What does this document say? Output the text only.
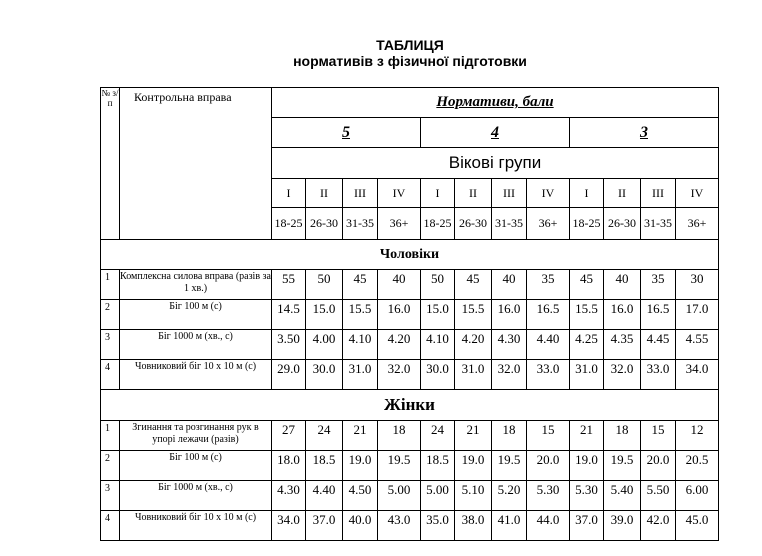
ТАБЛИЦЯ
нормативів з фізичної підготовки
№ з/п	Контрольна вправа	Нормативи, бали											
		5				4				3			
		Вікові групи											
		I	II	III	IV	I	II	III	IV	I	II	III	IV
		18-25	26-30	31-35	36+	18-25	26-30	31-35	36+	18-25	26-30	31-35	36+
Чоловіки													
1	Комплексна силова вправа (разів за 1 хв.)	55	50	45	40	50	45	40	35	45	40	35	30
2	Біг 100 м (с)	14.5	15.0	15.5	16.0	15.0	15.5	16.0	16.5	15.5	16.0	16.5	17.0
3	Біг 1000 м (хв., с)	3.50	4.00	4.10	4.20	4.10	4.20	4.30	4.40	4.25	4.35	4.45	4.55
4	Човниковий біг 10 х 10 м (с)	29.0	30.0	31.0	32.0	30.0	31.0	32.0	33.0	31.0	32.0	33.0	34.0
Жінки													
1	Згинання та розгинання рук в упорі лежачи (разів)	27	24	21	18	24	21	18	15	21	18	15	12
2	Біг 100 м (с)	18.0	18.5	19.0	19.5	18.5	19.0	19.5	20.0	19.0	19.5	20.0	20.5
3	Біг 1000 м (хв., с)	4.30	4.40	4.50	5.00	5.00	5.10	5.20	5.30	5.30	5.40	5.50	6.00
4	Човниковий біг 10 х 10 м (с)	34.0	37.0	40.0	43.0	35.0	38.0	41.0	44.0	37.0	39.0	42.0	45.0
